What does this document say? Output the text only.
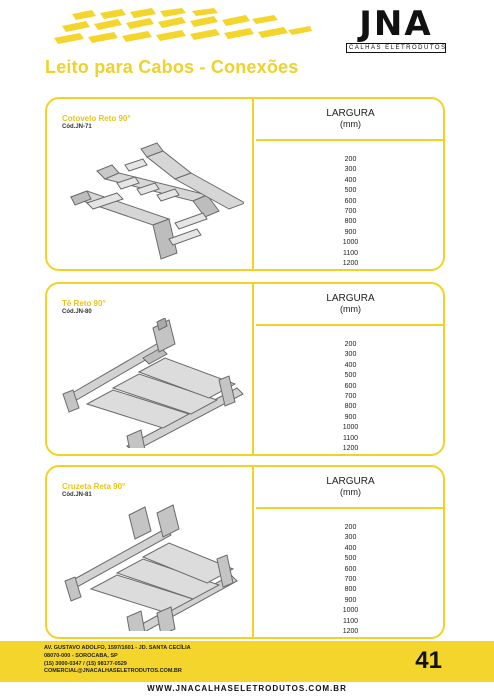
JNA
CALHAS ELETRODUTOS
Leito para Cabos - Conexões
Cotovelo Reto 90°
Cód.JN-71
LARGURA
(mm)
200
300
400
500
600
700
800
900
1000
1100
1200
Tê Reto 90°
Cód.JN-80
LARGURA
(mm)
200
300
400
500
600
700
800
900
1000
1100
1200
Cruzeta Reta 90°
Cód.JN-81
LARGURA
(mm)
200
300
400
500
600
700
800
900
1000
1100
1200
AV. GUSTAVO ADOLFO, 1597/1601 - JD. SANTA CECÍLIA
08070-000 - SOROCABA, SP
(15) 3000-0347 / (15) 98177-0529
COMERCIAL@JNACALHASELETRODUTOS.COM.BR	41
WWW.JNACALHASELETRODUTOS.COM.BR
